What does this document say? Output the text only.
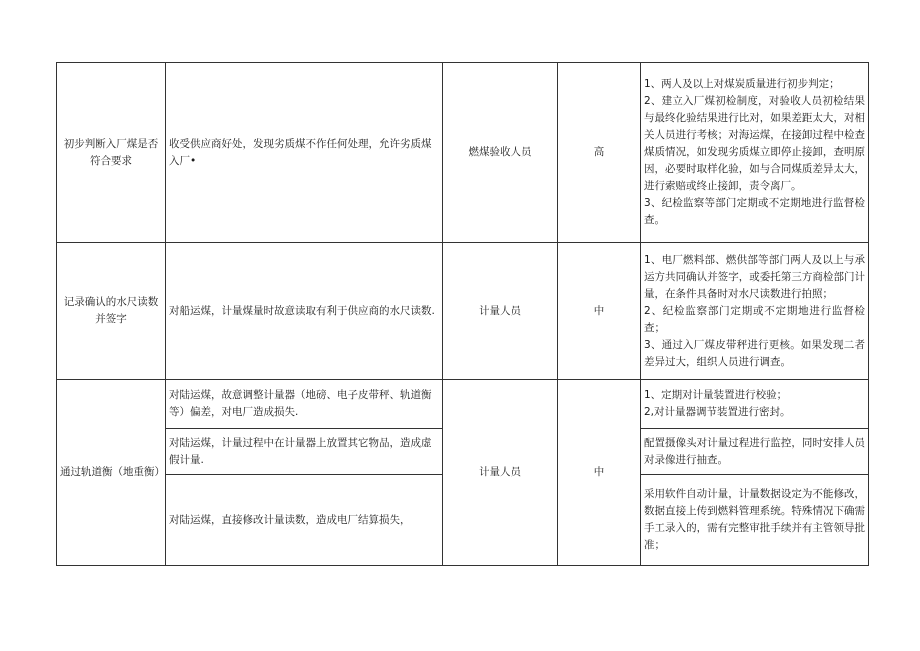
初步判断入厂煤是否符合要求	收受供应商好处，发现劣质煤不作任何处理，允许劣质煤入厂•	燃煤验收人员	高	1、两人及以上对煤炭质量进行初步判定；
2、建立入厂煤初检制度，对验收人员初检结果与最终化验结果进行比对，如果差距太大，对相关人员进行考核；对海运煤，在接卸过程中检查煤质情况，如发现劣质煤立即停止接卸，查明原因，必要时取样化验，如与合同煤质差异太大，进行索赔或终止接卸，责令离厂。
3、纪检监察等部门定期或不定期地进行监督检查。

记录确认的水尺读数并签字	对船运煤，计量煤量时故意读取有利于供应商的水尺读数.	计量人员	中	1、电厂燃料部、燃供部等部门两人及以上与承运方共同确认并签字，或委托第三方商检部门计量，在条件具备时对水尺读数进行拍照；
2、纪检监察部门定期或不定期地进行监督检查；
3、通过入厂煤皮带秤进行更核。如果发现二者差异过大，组织人员进行调查。

通过轨道衡（地重衡）	对陆运煤，故意调整计量器（地磅、电子皮带秤、轨道衡等）偏差，对电厂造成损失.	计量人员	中	1、定期对计量装置进行校验；
2,对计量器调节装置进行密封。

	对陆运煤，计量过程中在计量器上放置其它物品，造成虚假计量.			配置摄像头对计量过程进行监控，同时安排人员对录像进行抽查。

	对陆运煤，直接修改计量读数，造成电厂结算损失，			采用软件自动计量，计量数据设定为不能修改，数据直接上传到燃料管理系统。特殊情况下确需手工录入的，需有完整审批手续并有主管领导批准；
